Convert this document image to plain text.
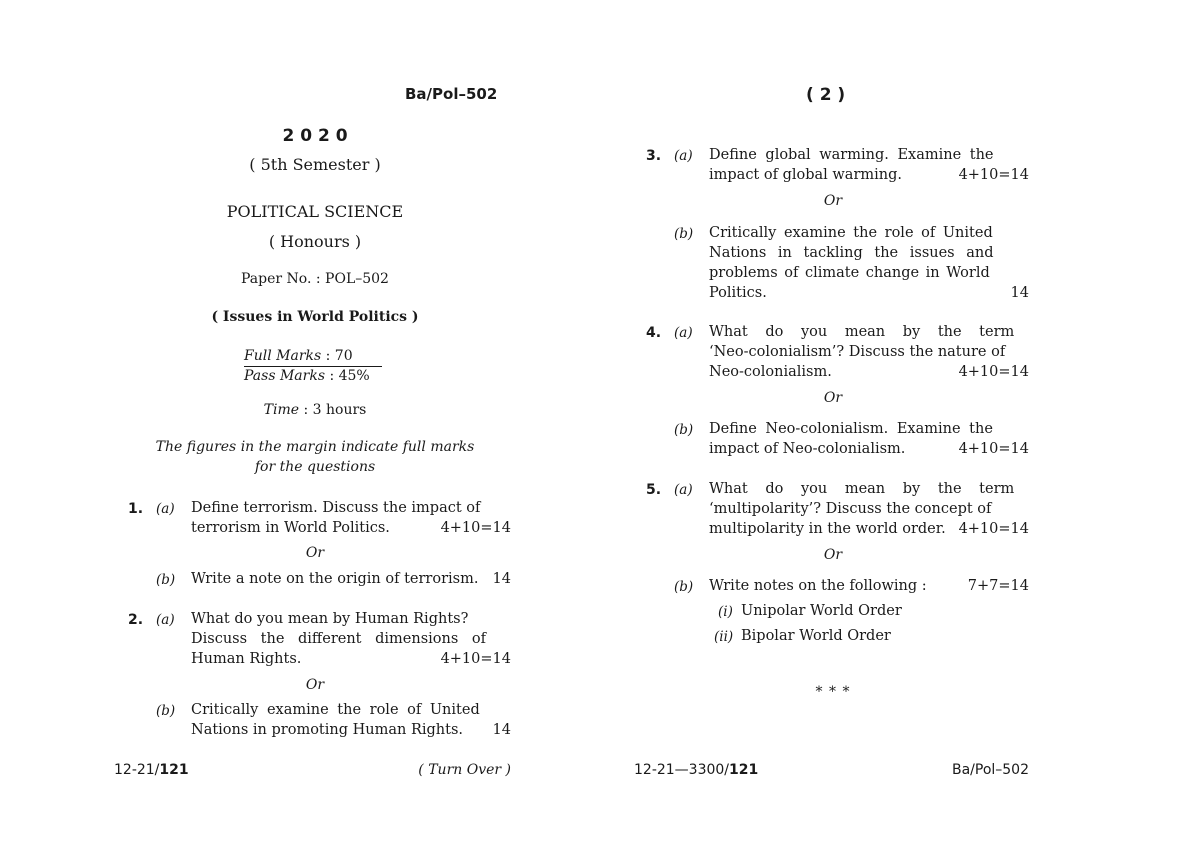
Ba/Pol–502
2 0 2 0
( 5th Semester )
POLITICAL SCIENCE
( Honours )
Paper No. : POL–502
( Issues in World Politics )
Full Marks : 70
Pass Marks : 45%
Time : 3 hours
The figures in the margin indicate full marks
for the questions
1. (a) Define terrorism. Discuss the impact of
terrorism in World Politics.	4+10=14
Or
(b) Write a note on the origin of terrorism. 14
2. (a) What do you mean by Human Rights?
Discuss the different dimensions of
Human Rights.	4+10=14
Or
(b) Critically examine the role of United
Nations in promoting Human Rights.	14
12-21/121	( Turn Over )
( 2 )
3. (a) Define global warming. Examine the
impact of global warming.	4+10=14
Or
(b) Critically examine the role of United
Nations in tackling the issues and
problems of climate change in World
Politics.	14
4. (a) What do you mean by the term
‘Neo-colonialism’? Discuss the nature of
Neo-colonialism.	4+10=14
Or
(b) Define Neo-colonialism. Examine the
impact of Neo-colonialism.	4+10=14
5. (a) What do you mean by the term
‘multipolarity’? Discuss the concept of
multipolarity in the world order. 4+10=14
Or
(b) Write notes on the following :	7+7=14
(i) Unipolar World Order
(ii) Bipolar World Order
* * *
12-21—3300/121	Ba/Pol–502
